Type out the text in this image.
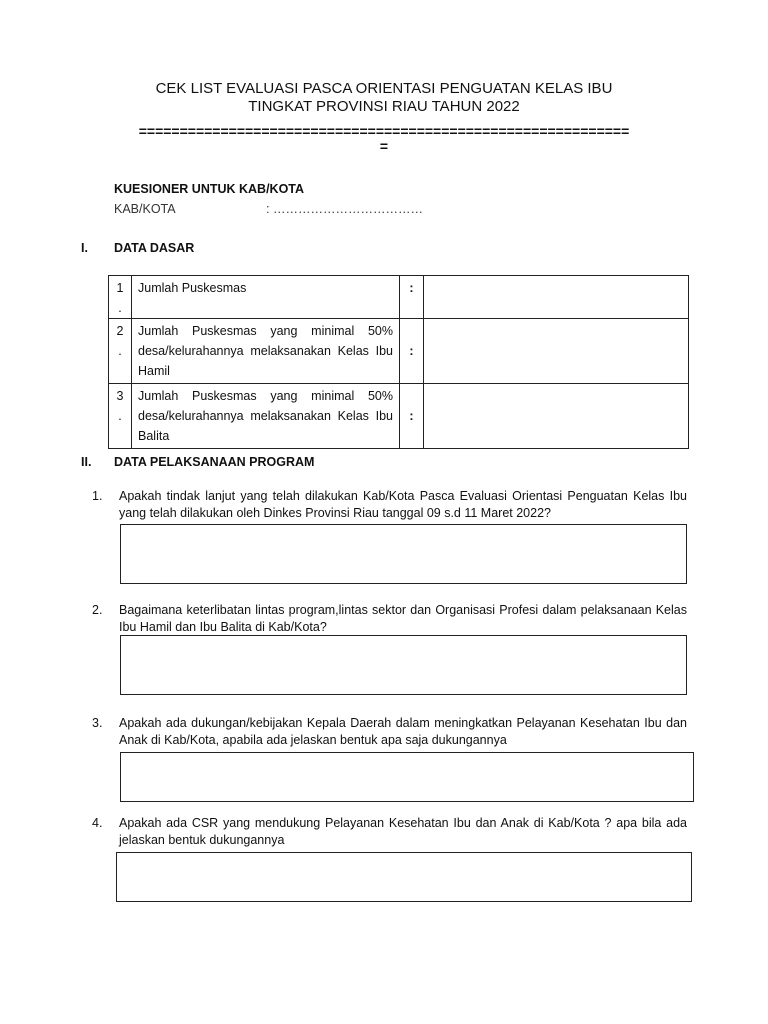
CEK LIST EVALUASI PASCA ORIENTASI PENGUATAN KELAS IBU
TINGKAT PROVINSI RIAU TAHUN 2022
============================================================
=
KUESIONER UNTUK KAB/KOTA
KAB/KOTA	: ………………………………
I. DATA DASAR
1
.	Jumlah Puskesmas	:	
2
.	Jumlah Puskesmas yang minimal 50% desa/kelurahannya melaksanakan Kelas Ibu Hamil	:	
3
.	Jumlah Puskesmas yang minimal 50% desa/kelurahannya melaksanakan Kelas Ibu Balita	:	
II. DATA PELAKSANAAN PROGRAM
1. Apakah tindak lanjut yang telah dilakukan Kab/Kota Pasca Evaluasi Orientasi Penguatan Kelas Ibu yang telah dilakukan oleh Dinkes Provinsi Riau tanggal 09 s.d 11 Maret 2022?
2. Bagaimana keterlibatan lintas program,lintas sektor dan Organisasi Profesi dalam pelaksanaan Kelas Ibu Hamil dan Ibu Balita di Kab/Kota?
3. Apakah ada dukungan/kebijakan Kepala Daerah dalam meningkatkan Pelayanan Kesehatan Ibu dan Anak di Kab/Kota, apabila ada jelaskan bentuk apa saja dukungannya
4. Apakah ada CSR yang mendukung Pelayanan Kesehatan Ibu dan Anak di Kab/Kota ? apa bila ada jelaskan bentuk dukungannya
